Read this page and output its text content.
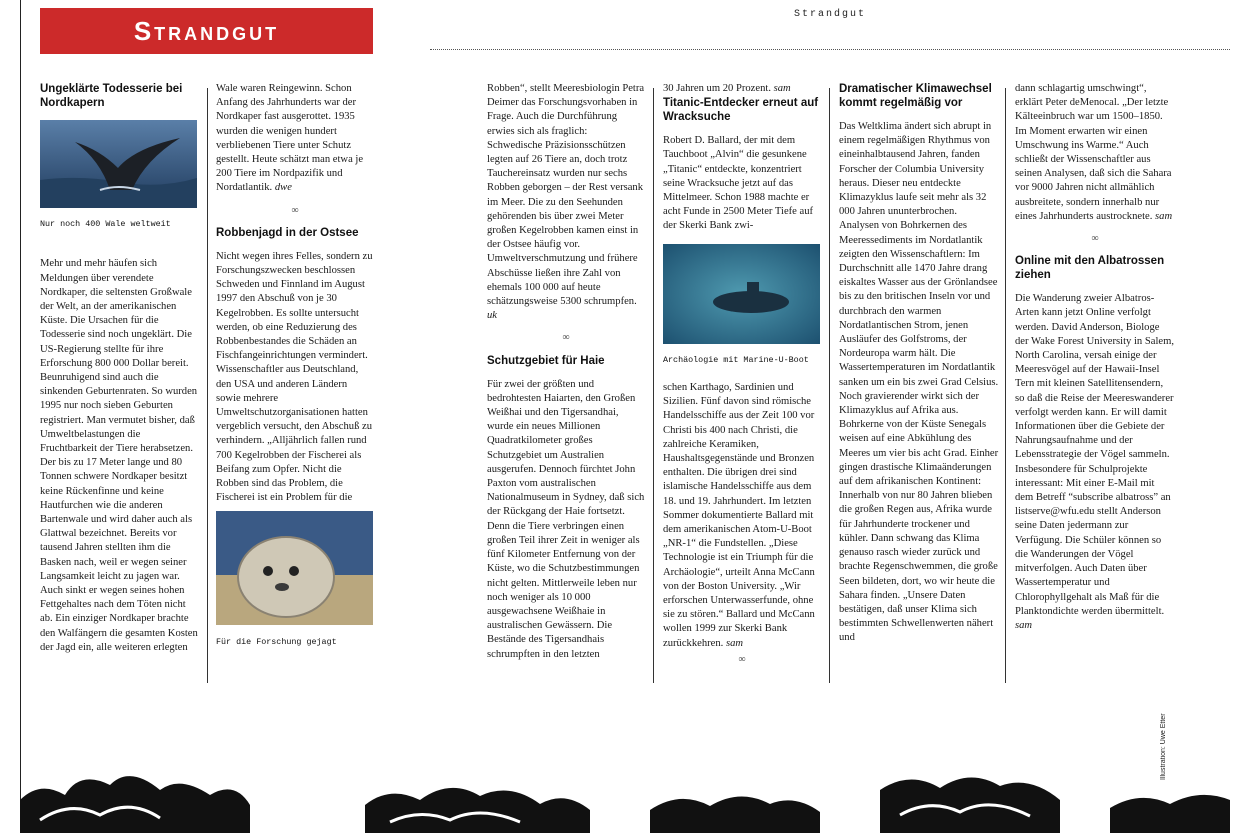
Strandgut
Strandgut

Ungeklärte Todesserie bei Nordkapern

Nur noch 400 Wale weltweit

Mehr und mehr häufen sich Meldungen über verendete Nordkaper, die seltensten Großwale der Welt, an der amerikanischen Küste. Die Ursachen für die Todesserie sind noch ungeklärt. Die US-Regierung stellte für ihre Erforschung 800 000 Dollar bereit. Beunruhigend sind auch die sinkenden Geburtenraten. So wurden 1995 nur noch sieben Geburten registriert. Man vermutet bisher, daß Umweltbelastungen die Fruchtbarkeit der Tiere herabsetzen. Der bis zu 17 Meter lange und 80 Tonnen schwere Nordkaper besitzt keine Rückenfinne und keine Hautfurchen wie die anderen Bartenwale und wird daher auch als Glattwal bezeichnet. Bereits vor tausend Jahren stellten ihm die Basken nach, weil er wegen seiner Langsamkeit leicht zu jagen war. Auch sinkt er wegen seines hohen Fettgehaltes nach dem Töten nicht ab. Ein einziger Nordkaper brachte den Walfängern die gesamten Kosten der Jagd ein, alle weiteren erlegten

Wale waren Reingewinn. Schon Anfang des Jahrhunderts war der Nordkaper fast ausgerottet. 1935 wurden die wenigen hundert verbliebenen Tiere unter Schutz gestellt. Heute schätzt man etwa je 200 Tiere im Nordpazifik und Nordatlantik. dwe

∞

Robbenjagd in der Ostsee

Nicht wegen ihres Felles, sondern zu Forschungszwecken beschlossen Schweden und Finnland im August 1997 den Abschuß von je 30 Kegelrobben. Es sollte untersucht werden, ob eine Reduzierung des Robbenbestandes die Schäden an Fischfangeinrichtungen vermindert. Wissenschaftler aus Deutschland, den USA und anderen Ländern sowie mehrere Umweltschutzorganisationen hatten vergeblich versucht, den Abschuß zu verhindern. „Alljährlich fallen rund 700 Kegelrobben der Fischerei als Beifang zum Opfer. Nicht die Robben sind das Problem, die Fischerei ist ein Problem für die

Für die Forschung gejagt

Robben“, stellt Meeresbiologin Petra Deimer das Forschungsvorhaben in Frage. Auch die Durchführung erwies sich als fraglich: Schwedische Präzisionsschützen legten auf 26 Tiere an, doch trotz Tauchereinsatz wurden nur sechs Robben geborgen – der Rest versank im Meer. Die zu den Seehunden gehörenden bis über zwei Meter großen Kegelrobben kamen einst in der Ostsee häufig vor. Umweltverschmutzung und frühere Abschüsse ließen ihre Zahl von ehemals 100 000 auf heute schätzungsweise 5300 schrumpfen. uk

∞

Schutzgebiet für Haie

Für zwei der größten und bedrohtesten Haiarten, den Großen Weißhai und den Tigersandhai, wurde ein neues Millionen Quadratkilometer großes Schutzgebiet um Australien ausgerufen. Dennoch fürchtet John Paxton vom australischen Nationalmuseum in Sydney, daß sich der Rückgang der Haie fortsetzt. Denn die Tiere verbringen einen großen Teil ihrer Zeit in weniger als fünf Kilometer Entfernung von der Küste, wo die Schutzbestimmungen nicht gelten. Mittlerweile leben nur noch weniger als 10 000 ausgewachsene Weißhaie in australischen Gewässern. Die Bestände des Tigersandhais schrumpften in den letzten

30 Jahren um 20 Prozent. sam

Titanic-Entdecker erneut auf Wracksuche

Robert D. Ballard, der mit dem Tauchboot „Alvin“ die gesunkene „Titanic“ entdeckte, konzentriert seine Wracksuche jetzt auf das Mittelmeer. Schon 1988 machte er acht Funde in 2500 Meter Tiefe auf der Skerki Bank zwi-

Archäologie mit Marine-U-Boot

schen Karthago, Sardinien und Sizilien. Fünf davon sind römische Handelsschiffe aus der Zeit 100 vor Christi bis 400 nach Christi, die zahlreiche Keramiken, Haushaltsgegenstände und Bronzen enthalten. Die übrigen drei sind islamische Handelsschiffe aus dem 18. und 19. Jahrhundert. Im letzten Sommer dokumentierte Ballard mit dem amerikanischen Atom-U-Boot „NR-1“ die Fundstellen. „Diese Technologie ist ein Triumph für die Archäologie“, urteilt Anna McCann von der Boston University. „Wir erforschen Unterwasserfunde, ohne sie zu stören.“ Ballard und McCann wollen 1999 zur Skerki Bank zurückkehren. sam

∞

Dramatischer Klimawechsel kommt regelmäßig vor

Das Weltklima ändert sich abrupt in einem regelmäßigen Rhythmus von eineinhalbtausend Jahren, fanden Forscher der Columbia University heraus. Dieser neu entdeckte Klimazyklus laufe seit mehr als 32 000 Jahren ununterbrochen. Analysen von Bohrkernen des Meeressediments im Nordatlantik zeigten den Wissenschaftlern: Im Durchschnitt alle 1470 Jahre drang eiskaltes Wasser aus der Grönlandsee bis zu den britischen Inseln vor und durchbrach den warmen Nordatlantischen Strom, jenen Ausläufer des Golfstroms, der Nordeuropa warm hält. Die Wassertemperaturen im Nordatlantik sanken um ein bis zwei Grad Celsius. Noch gravierender wirkt sich der Klimazyklus auf Afrika aus. Bohrkerne von der Küste Senegals weisen auf eine Abkühlung des Meeres um vier bis acht Grad. Einher gingen drastische Klimaänderungen auf dem afrikanischen Kontinent: Innerhalb von nur 80 Jahren blieben die großen Regen aus, Afrika wurde für Jahrhunderte trockener und kühler. Dann schwang das Klima genauso rasch wieder zurück und brachte Regenschwemmen, die große Seen bildeten, dort, wo wir heute die Sahara finden. „Unsere Daten bestätigen, daß unser Klima sich bestimmten Schwellenwerten nähert und

dann schlagartig umschwingt“, erklärt Peter deMenocal. „Der letzte Kälteeinbruch war um 1500–1850. Im Moment erwarten wir einen Umschwung ins Warme.“ Auch schließt der Wissenschaftler aus seinen Analysen, daß sich die Sahara vor 9000 Jahren nicht allmählich ausbreitete, sondern innerhalb nur eines Jahrhunderts austrocknete. sam

∞

Online mit den Albatrossen ziehen

Die Wanderung zweier Albatros-Arten kann jetzt Online verfolgt werden. David Anderson, Biologe der Wake Forest University in Salem, North Carolina, versah einige der Meeresvögel auf der Hawaii-Insel Tern mit kleinen Satellitensendern, so daß die Reise der Meereswanderer verfolgt werden kann. Er will damit Informationen über die Gebiete der Nahrungsaufnahme und der Lebensstrategie der Vögel sammeln. Insbesondere für Schulprojekte interessant: Mit einer E-Mail mit dem Betreff “subscribe albatross” an listserve@wfu.edu stellt Anderson seine Daten jedermann zur Verfügung. Die Schüler können so die Wanderungen der Vögel mitverfolgen. Auch Daten über Wassertemperatur und Chlorophyllgehalt als Maß für die Planktondichte werden übermittelt. sam

Illustration: Uwe Etter
